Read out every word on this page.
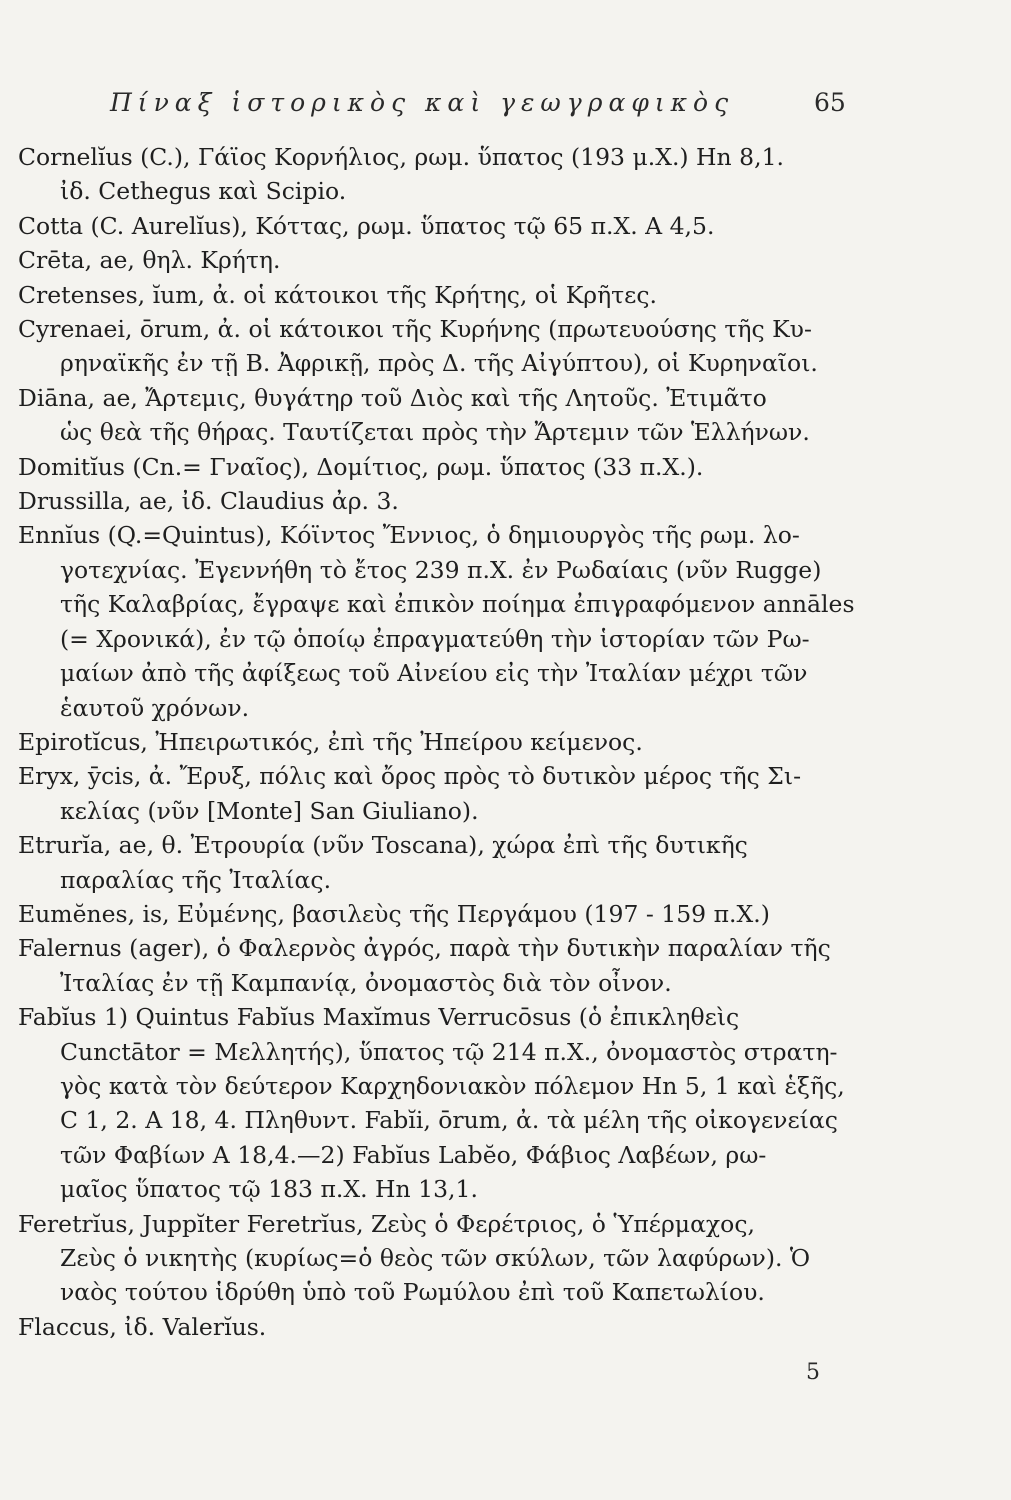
Πίναξ ἱστορικὸς καὶ γεωγραφικὸς	65
Cornelĭus (C.), Γάϊος Κορνήλιος, ρωμ. ὕπατος (193 μ.Χ.) Hn 8,1.
ἰδ. Cethegus καὶ Scipio.
Cotta (C. Aurelĭus), Κόττας, ρωμ. ὕπατος τῷ 65 π.Χ. A 4,5.
Crēta, ae, θηλ. Κρήτη.
Cretenses, ĭum, ἀ. οἱ κάτοικοι τῆς Κρήτης, οἱ Κρῆτες.
Cyrenaei, ōrum, ἀ. οἱ κάτοικοι τῆς Κυρήνης (πρωτευούσης τῆς Κυ-
ρηναϊκῆς ἐν τῇ Β. Ἀφρικῇ, πρὸς Δ. τῆς Αἰγύπτου), οἱ Κυρηναῖοι.
Diāna, ae, Ἄρτεμις, θυγάτηρ τοῦ Διὸς καὶ τῆς Λητοῦς. Ἐτιμᾶτο
ὡς θεὰ τῆς θήρας. Ταυτίζεται πρὸς τὴν Ἄρτεμιν τῶν Ἑλλήνων.
Domitĭus (Cn.= Γναῖος), Δομίτιος, ρωμ. ὕπατος (33 π.Χ.).
Drussilla, ae, ἰδ. Claudius ἀρ. 3.
Ennĭus (Q.=Quintus), Κόϊντος Ἔννιος, ὁ δημιουργὸς τῆς ρωμ. λο-
γοτεχνίας. Ἐγεννήθη τὸ ἔτος 239 π.Χ. ἐν Ρωδαίαις (νῦν Rugge)
τῆς Καλαβρίας, ἔγραψε καὶ ἐπικὸν ποίημα ἐπιγραφόμενον annāles
(= Χρονικά), ἐν τῷ ὁποίῳ ἐπραγματεύθη τὴν ἱστορίαν τῶν Ρω-
μαίων ἀπὸ τῆς ἀφίξεως τοῦ Αἰνείου εἰς τὴν Ἰταλίαν μέχρι τῶν
ἑαυτοῦ χρόνων.
Epirotĭcus, Ἠπειρωτικός, ἐπὶ τῆς Ἠπείρου κείμενος.
Eryx, ȳcis, ἀ. Ἔρυξ, πόλις καὶ ὄρος πρὸς τὸ δυτικὸν μέρος τῆς Σι-
κελίας (νῦν [Monte] San Giuliano).
Etrurĭa, ae, θ. Ἐτρουρία (νῦν Toscana), χώρα ἐπὶ τῆς δυτικῆς
παραλίας τῆς Ἰταλίας.
Eumĕnes, is, Εὐμένης, βασιλεὺς τῆς Περγάμου (197 - 159 π.Χ.)
Falernus (ager), ὁ Φαλερνὸς ἀγρός, παρὰ τὴν δυτικὴν παραλίαν τῆς
Ἰταλίας ἐν τῇ Καμπανίᾳ, ὀνομαστὸς διὰ τὸν οἶνον.
Fabĭus 1) Quintus Fabĭus Maxĭmus Verrucōsus (ὁ ἐπικληθεὶς
Cunctātor = Μελλητής), ὕπατος τῷ 214 π.Χ., ὀνομαστὸς στρατη-
γὸς κατὰ τὸν δεύτερον Καρχηδονιακὸν πόλεμον Hn 5, 1 καὶ ἑξῆς,
C 1, 2. A 18, 4. Πληθυντ. Fabĭi, ōrum, ἀ. τὰ μέλη τῆς οἰκογενείας
τῶν Φαβίων A 18,4.—2) Fabĭus Labĕo, Φάβιος Λαβέων, ρω-
μαῖος ὕπατος τῷ 183 π.Χ. Hn 13,1.
Feretrĭus, Juppĭter Feretrĭus, Ζεὺς ὁ Φερέτριος, ὁ Ὑπέρμαχος,
Ζεὺς ὁ νικητὴς (κυρίως=ὁ θεὸς τῶν σκύλων, τῶν λαφύρων). Ὁ
ναὸς τούτου ἱδρύθη ὑπὸ τοῦ Ρωμύλου ἐπὶ τοῦ Καπετωλίου.
Flaccus, ἰδ. Valerĭus.
5
